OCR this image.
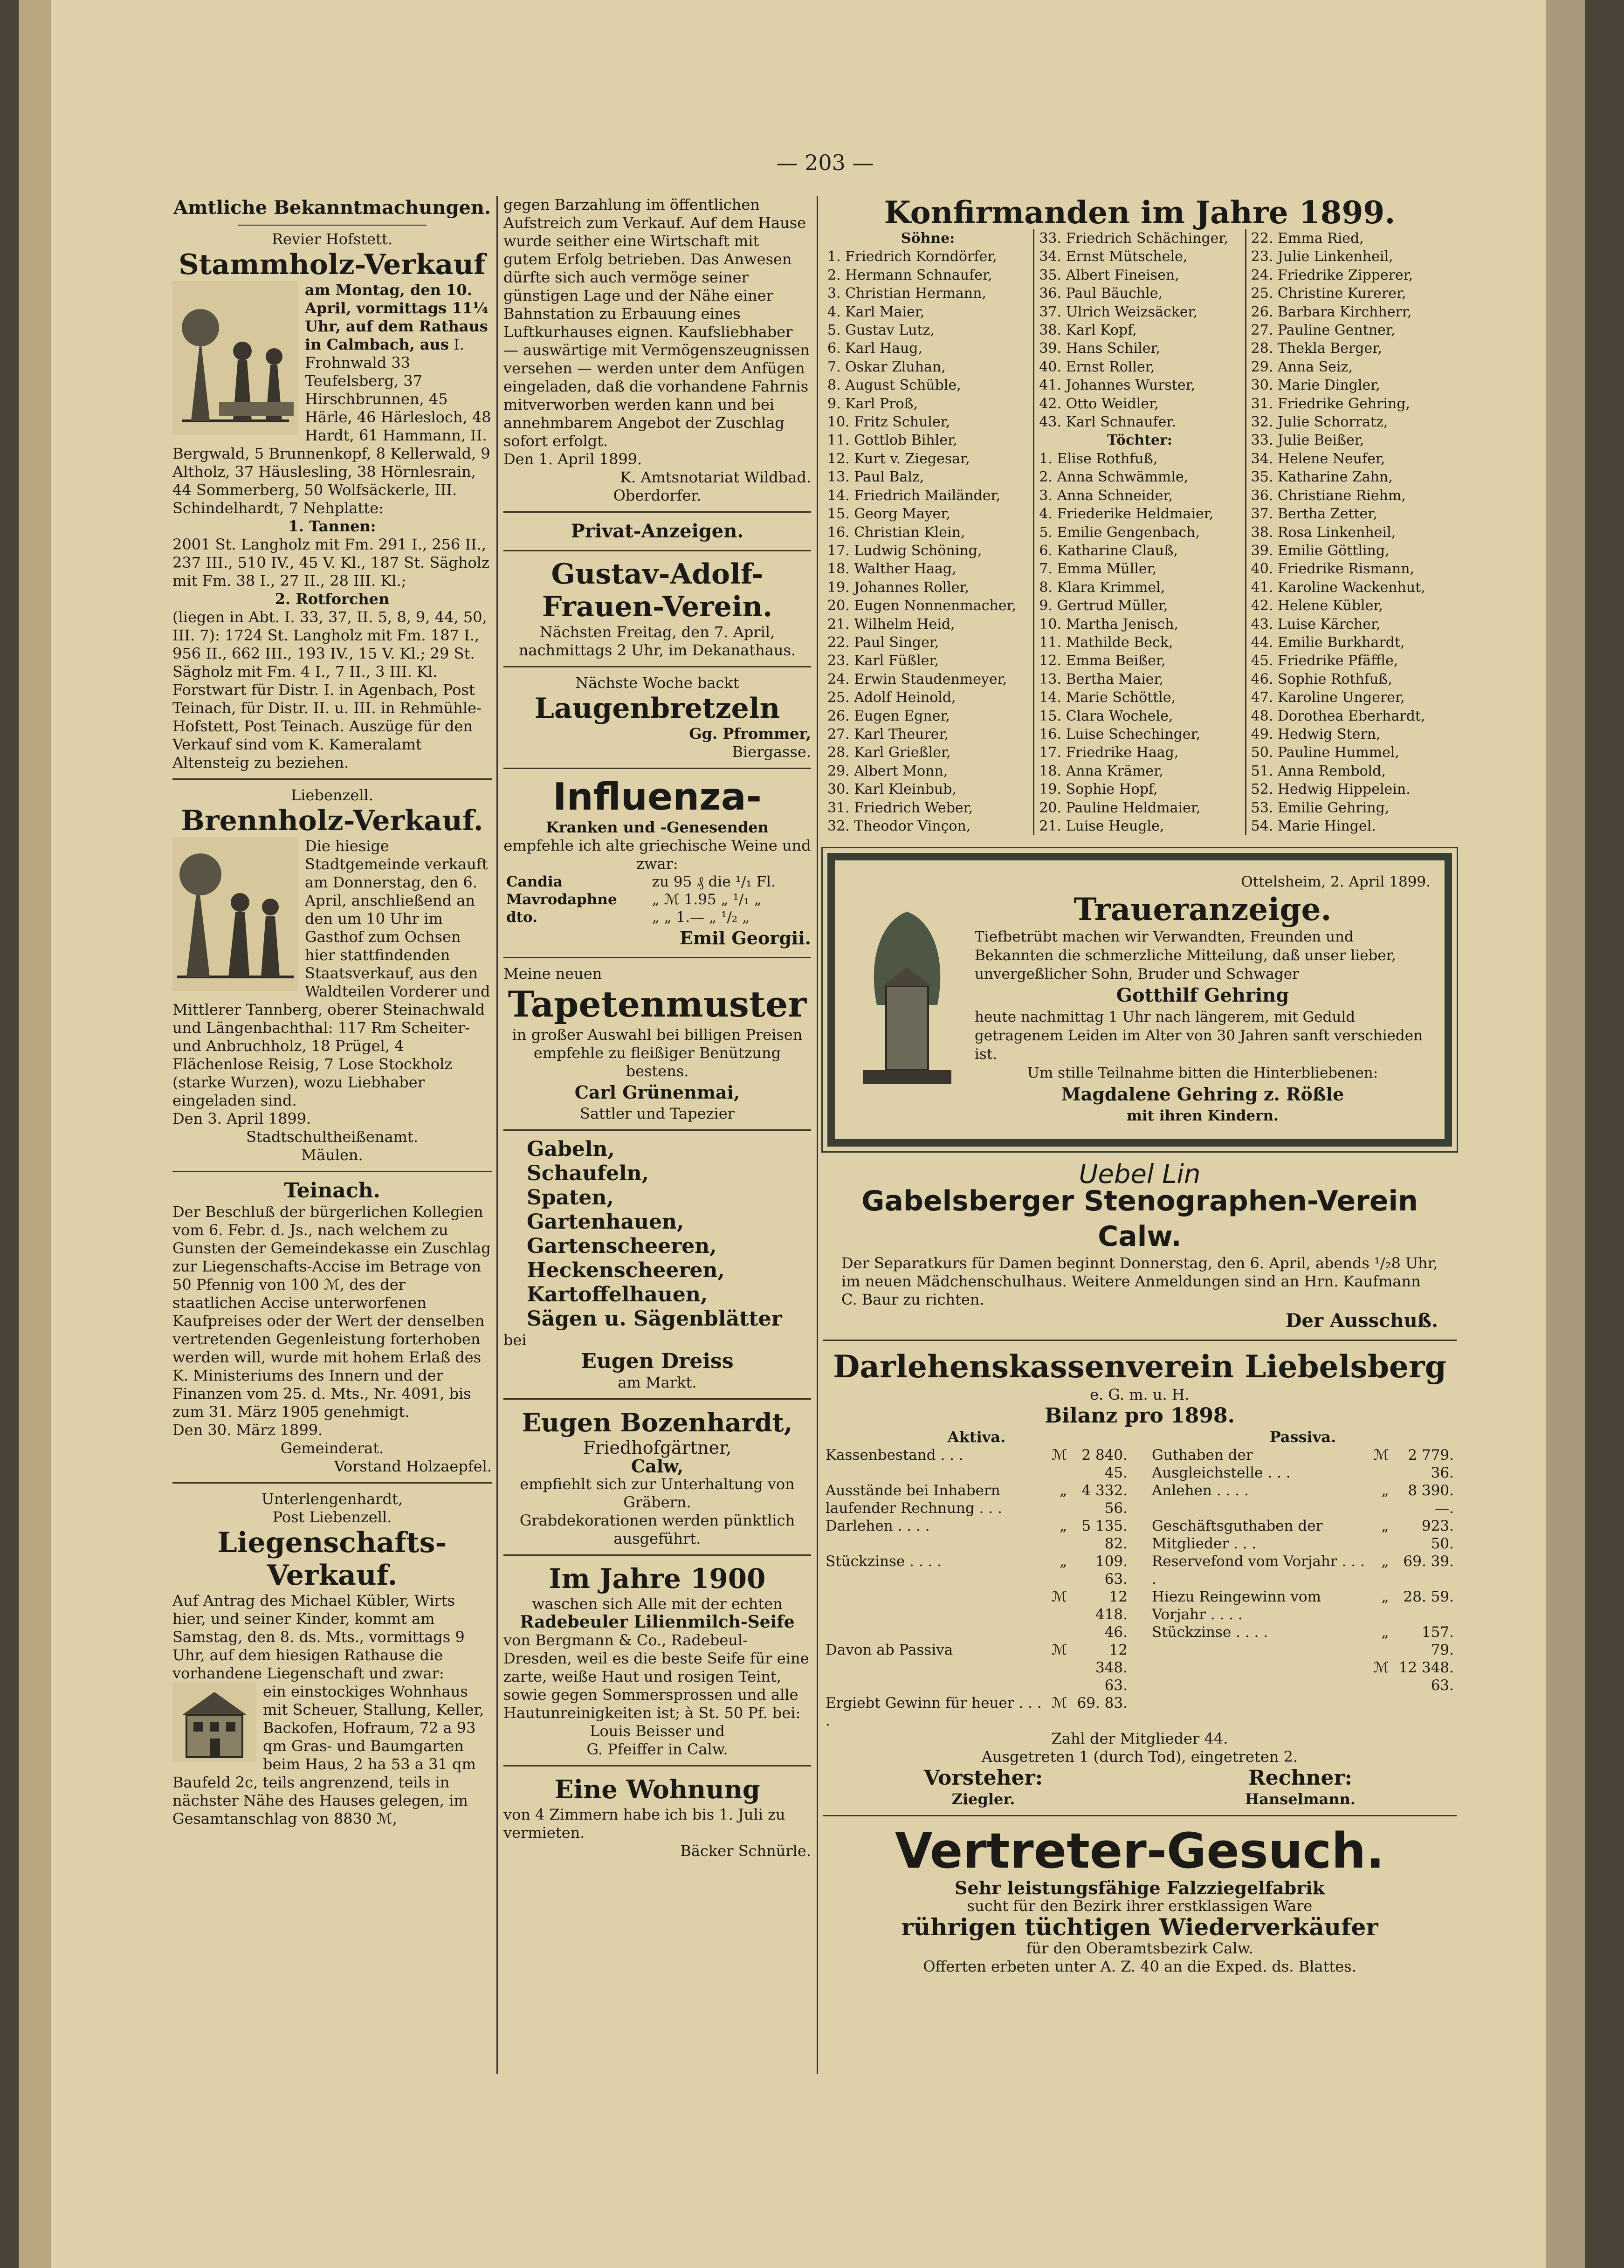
— 203 —
Amtliche Bekanntmachungen.
Revier Hofstett.
Stammholz-Verkauf
am Montag, den 10. April, vormittags 11¼ Uhr, auf dem Rathaus in Calmbach, aus I. Frohnwald 33 Teufelsberg, 37 Hirschbrunnen, 45 Härle, 46 Härlesloch, 48 Hardt, 61 Hammann, II. Bergwald, 5 Brunnenkopf, 8 Kellerwald, 9 Altholz, 37 Häuslesling, 38 Hörnlesrain, 44 Sommerberg, 50 Wolfsäckerle, III. Schindelhardt, 7 Nehplatte:
1. Tannen:
2001 St. Langholz mit Fm. 291 I., 256 II., 237 III., 510 IV., 45 V. Kl., 187 St. Sägholz mit Fm. 38 I., 27 II., 28 III. Kl.;
2. Rotforchen
(liegen in Abt. I. 33, 37, II. 5, 8, 9, 44, 50, III. 7): 1724 St. Langholz mit Fm. 187 I., 956 II., 662 III., 193 IV., 15 V. Kl.; 29 St. Sägholz mit Fm. 4 I., 7 II., 3 III. Kl.
Forstwart für Distr. I. in Agenbach, Post Teinach, für Distr. II. u. III. in Rehmühle-Hofstett, Post Teinach. Auszüge für den Verkauf sind vom K. Kameralamt Altensteig zu beziehen.
Liebenzell.
Brennholz-Verkauf.
Die hiesige Stadtgemeinde verkauft am Donnerstag, den 6. April, anschließend an den um 10 Uhr im Gasthof zum Ochsen hier stattfindenden Staatsverkauf, aus den Waldteilen Vorderer und Mittlerer Tannberg, oberer Steinachwald und Längenbachthal: 117 Rm Scheiter- und Anbruchholz, 18 Prügel, 4 Flächenlose Reisig, 7 Lose Stockholz (starke Wurzen), wozu Liebhaber eingeladen sind.
Den 3. April 1899.
Stadtschultheißenamt.
Mäulen.
Teinach.
Der Beschluß der bürgerlichen Kollegien vom 6. Febr. d. Js., nach welchem zu Gunsten der Gemeindekasse ein Zuschlag zur Liegenschafts-Accise im Betrage von 50 Pfennig von 100 ℳ, des der staatlichen Accise unterworfenen Kaufpreises oder der Wert der denselben vertretenden Gegenleistung forterhoben werden will, wurde mit hohem Erlaß des K. Ministeriums des Innern und der Finanzen vom 25. d. Mts., Nr. 4091, bis zum 31. März 1905 genehmigt.
Den 30. März 1899.
Gemeinderat.
Vorstand Holzaepfel.
Unterlengenhardt,
Post Liebenzell.
Liegenschafts-Verkauf.
Auf Antrag des Michael Kübler, Wirts hier, und seiner Kinder, kommt am Samstag, den 8. ds. Mts., vormittags 9 Uhr, auf dem hiesigen Rathause die vorhandene Liegenschaft und zwar:
ein einstockiges Wohnhaus mit Scheuer, Stallung, Keller, Backofen, Hofraum, 72 a 93 qm Gras- und Baumgarten beim Haus, 2 ha 53 a 31 qm Baufeld 2c, teils angrenzend, teils in nächster Nähe des Hauses gelegen, im Gesamtanschlag von 8830 ℳ,
gegen Barzahlung im öffentlichen Aufstreich zum Verkauf. Auf dem Hause wurde seither eine Wirtschaft mit gutem Erfolg betrieben. Das Anwesen dürfte sich auch vermöge seiner günstigen Lage und der Nähe einer Bahnstation zu Erbauung eines Luftkurhauses eignen. Kaufsliebhaber — auswärtige mit Vermögenszeugnissen versehen — werden unter dem Anfügen eingeladen, daß die vorhandene Fahrnis mitverworben werden kann und bei annehmbarem Angebot der Zuschlag sofort erfolgt.
Den 1. April 1899.
K. Amtsnotariat Wildbad.
Oberdorfer.
Privat-Anzeigen.
Gustav-Adolf-
Frauen-Verein.
Nächsten Freitag, den 7. April, nachmittags 2 Uhr, im Dekanathaus.
Nächste Woche backt
Laugenbretzeln
Gg. Pfrommer,
Biergasse.
Influenza-
Kranken und -Genesenden
empfehle ich alte griechische Weine und zwar:
Candia	zu 95 ₰ die ¹/₁ Fl.
Mavrodaphne	„ ℳ 1.95 „ ¹/₁ „
dto.	„ „ 1.— „ ¹/₂ „
Emil Georgii.
Meine neuen
Tapetenmuster
in großer Auswahl bei billigen Preisen empfehle zu fleißiger Benützung bestens.
Carl Grünenmai,
Sattler und Tapezier
Gabeln,
Schaufeln,
Spaten,
Gartenhauen,
Gartenscheeren,
Heckenscheeren,
Kartoffelhauen,
Sägen u. Sägenblätter
bei
Eugen Dreiss
am Markt.
Eugen Bozenhardt,
Friedhofgärtner,
Calw,
empfiehlt sich zur Unterhaltung von Gräbern.
Grabdekorationen werden pünktlich ausgeführt.
Im Jahre 1900
waschen sich Alle mit der echten
Radebeuler Lilienmilch-Seife
von Bergmann & Co., Radebeul-Dresden, weil es die beste Seife für eine zarte, weiße Haut und rosigen Teint, sowie gegen Sommersprossen und alle Hautunreinigkeiten ist; à St. 50 Pf. bei:
Louis Beisser und
G. Pfeiffer in Calw.
Eine Wohnung
von 4 Zimmern habe ich bis 1. Juli zu vermieten.
Bäcker Schnürle.
Konfirmanden im Jahre 1899.
Söhne:
1. Friedrich Korndörfer,
2. Hermann Schnaufer,
3. Christian Hermann,
4. Karl Maier,
5. Gustav Lutz,
6. Karl Haug,
7. Oskar Zluhan,
8. August Schüble,
9. Karl Proß,
10. Fritz Schuler,
11. Gottlob Bihler,
12. Kurt v. Ziegesar,
13. Paul Balz,
14. Friedrich Mailänder,
15. Georg Mayer,
16. Christian Klein,
17. Ludwig Schöning,
18. Walther Haag,
19. Johannes Roller,
20. Eugen Nonnenmacher,
21. Wilhelm Heid,
22. Paul Singer,
23. Karl Füßler,
24. Erwin Staudenmeyer,
25. Adolf Heinold,
26. Eugen Egner,
27. Karl Theurer,
28. Karl Grießler,
29. Albert Monn,
30. Karl Kleinbub,
31. Friedrich Weber,
32. Theodor Vinçon,
33. Friedrich Schächinger,
34. Ernst Mütschele,
35. Albert Fineisen,
36. Paul Bäuchle,
37. Ulrich Weizsäcker,
38. Karl Kopf,
39. Hans Schiler,
40. Ernst Roller,
41. Johannes Wurster,
42. Otto Weidler,
43. Karl Schnaufer.
Töchter:
1. Elise Rothfuß,
2. Anna Schwämmle,
3. Anna Schneider,
4. Friederike Heldmaier,
5. Emilie Gengenbach,
6. Katharine Clauß,
7. Emma Müller,
8. Klara Krimmel,
9. Gertrud Müller,
10. Martha Jenisch,
11. Mathilde Beck,
12. Emma Beißer,
13. Bertha Maier,
14. Marie Schöttle,
15. Clara Wochele,
16. Luise Schechinger,
17. Friedrike Haag,
18. Anna Krämer,
19. Sophie Hopf,
20. Pauline Heldmaier,
21. Luise Heugle,
22. Emma Ried,
23. Julie Linkenheil,
24. Friedrike Zipperer,
25. Christine Kurerer,
26. Barbara Kirchherr,
27. Pauline Gentner,
28. Thekla Berger,
29. Anna Seiz,
30. Marie Dingler,
31. Friedrike Gehring,
32. Julie Schorratz,
33. Julie Beißer,
34. Helene Neufer,
35. Katharine Zahn,
36. Christiane Riehm,
37. Bertha Zetter,
38. Rosa Linkenheil,
39. Emilie Göttling,
40. Friedrike Rismann,
41. Karoline Wackenhut,
42. Helene Kübler,
43. Luise Kärcher,
44. Emilie Burkhardt,
45. Friedrike Pfäffle,
46. Sophie Rothfuß,
47. Karoline Ungerer,
48. Dorothea Eberhardt,
49. Hedwig Stern,
50. Pauline Hummel,
51. Anna Rembold,
52. Hedwig Hippelein.
53. Emilie Gehring,
54. Marie Hingel.
Ottelsheim, 2. April 1899.
Traueranzeige.
Tiefbetrübt machen wir Verwandten, Freunden und Bekannten die schmerzliche Mitteilung, daß unser lieber, unvergeßlicher Sohn, Bruder und Schwager
Gotthilf Gehring
heute nachmittag 1 Uhr nach längerem, mit Geduld getragenem Leiden im Alter von 30 Jahren sanft verschieden ist.
Um stille Teilnahme bitten die Hinterbliebenen:
Magdalene Gehring z. Rößle
mit ihren Kindern.
Uebel Lin
Gabelsberger Stenographen-Verein Calw.
Der Separatkurs für Damen beginnt Donnerstag, den 6. April, abends ¹/₂8 Uhr, im neuen Mädchenschulhaus. Weitere Anmeldungen sind an Hrn. Kaufmann C. Baur zu richten.
Der Ausschuß.
Darlehenskassenverein Liebelsberg
e. G. m. u. H.
Bilanz pro 1898.
Aktiva.
Kassenbestand . . .	ℳ	2 840. 45.
Ausstände bei Inhabern laufender Rechnung . . .	„	4 332. 56.
Darlehen . . . .	„	5 135. 82.
Stückzinse . . . .	„	109. 63.
	ℳ	12 418. 46.
Davon ab Passiva	ℳ	12 348. 63.
Ergiebt Gewinn für heuer . . . .	ℳ	69. 83.
Passiva.
Guthaben der Ausgleichstelle . . .	ℳ	2 779. 36.
Anlehen . . . .	„	8 390. —.
Geschäftsguthaben der Mitglieder . . .	„	923. 50.
Reservefond vom Vorjahr . . . .	„	69. 39.
Hiezu Reingewinn vom Vorjahr . . . .	„	28. 59.
Stückzinse . . . .	„	157. 79.
	ℳ	12 348. 63.
Zahl der Mitglieder 44.
Ausgetreten 1 (durch Tod), eingetreten 2.
Vorsteher:
Ziegler.
Rechner:
Hanselmann.
Vertreter-Gesuch.
Sehr leistungsfähige Falzziegelfabrik
sucht für den Bezirk ihrer erstklassigen Ware
rührigen tüchtigen Wiederverkäufer
für den Oberamtsbezirk Calw.
Offerten erbeten unter A. Z. 40 an die Exped. ds. Blattes.
